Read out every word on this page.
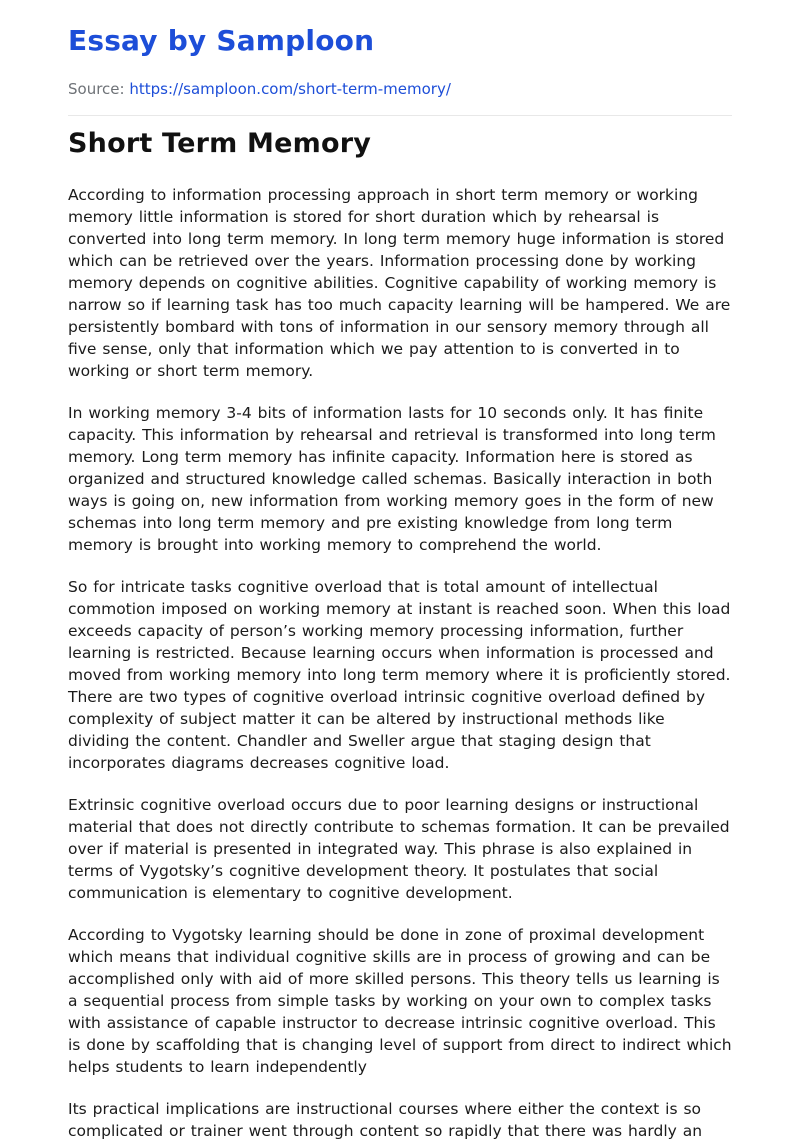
Essay by Samploon

Source: https://samploon.com/short-term-memory/

Short Term Memory

According to information processing approach in short term memory or working memory little information is stored for short duration which by rehearsal is converted into long term memory. In long term memory huge information is stored which can be retrieved over the years. Information processing done by working memory depends on cognitive abilities. Cognitive capability of working memory is narrow so if learning task has too much capacity learning will be hampered. We are persistently bombard with tons of information in our sensory memory through all five sense, only that information which we pay attention to is converted in to working or short term memory.

In working memory 3-4 bits of information lasts for 10 seconds only. It has finite capacity. This information by rehearsal and retrieval is transformed into long term memory. Long term memory has infinite capacity. Information here is stored as organized and structured knowledge called schemas. Basically interaction in both ways is going on, new information from working memory goes in the form of new schemas into long term memory and pre existing knowledge from long term memory is brought into working memory to comprehend the world.

So for intricate tasks cognitive overload that is total amount of intellectual commotion imposed on working memory at instant is reached soon. When this load exceeds capacity of person’s working memory processing information, further learning is restricted. Because learning occurs when information is processed and moved from working memory into long term memory where it is proficiently stored. There are two types of cognitive overload intrinsic cognitive overload defined by complexity of subject matter it can be altered by instructional methods like dividing the content. Chandler and Sweller argue that staging design that incorporates diagrams decreases cognitive load.

Extrinsic cognitive overload occurs due to poor learning designs or instructional material that does not directly contribute to schemas formation. It can be prevailed over if material is presented in integrated way. This phrase is also explained in terms of Vygotsky’s cognitive development theory. It postulates that social communication is elementary to cognitive development.

According to Vygotsky learning should be done in zone of proximal development which means that individual cognitive skills are in process of growing and can be accomplished only with aid of more skilled persons. This theory tells us learning is a sequential process from simple tasks by working on your own to complex tasks with assistance of capable instructor to decrease intrinsic cognitive overload. This is done by scaffolding that is changing level of support from direct to indirect which helps students to learn independently

Its practical implications are instructional courses where either the context is so complicated or trainer went through content so rapidly that there was hardly an
